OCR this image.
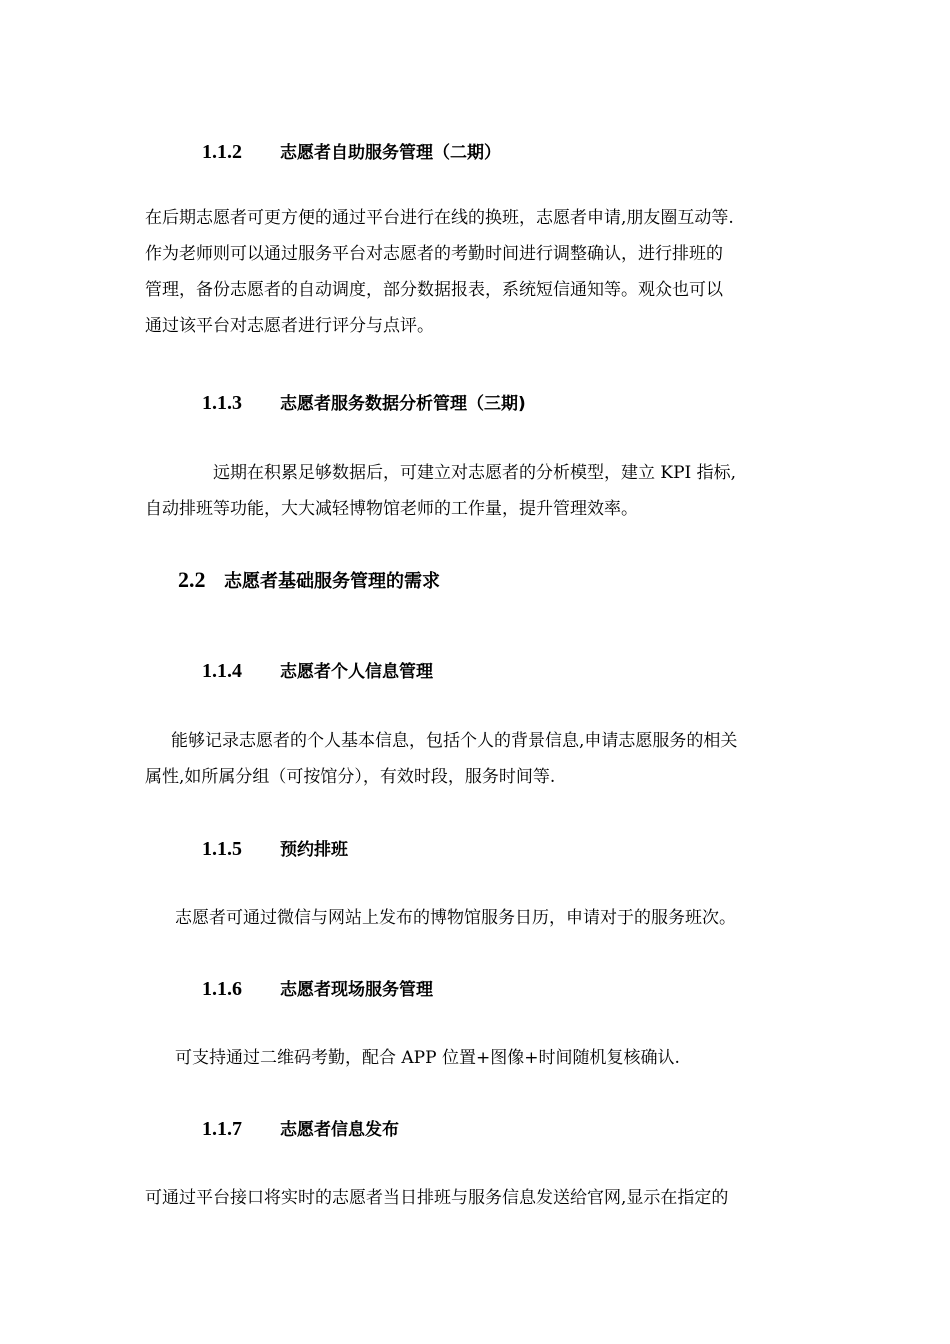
1.1.2 志愿者自助服务管理（二期）
在后期志愿者可更方便的通过平台进行在线的换班，志愿者申请,朋友圈互动等.
作为老师则可以通过服务平台对志愿者的考勤时间进行调整确认，进行排班的
管理，备份志愿者的自动调度，部分数据报表，系统短信通知等。观众也可以
通过该平台对志愿者进行评分与点评。
1.1.3 志愿者服务数据分析管理（三期)
远期在积累足够数据后，可建立对志愿者的分析模型，建立 KPI 指标,
自动排班等功能，大大减轻博物馆老师的工作量，提升管理效率。
2.2 志愿者基础服务管理的需求
1.1.4 志愿者个人信息管理
能够记录志愿者的个人基本信息，包括个人的背景信息,申请志愿服务的相关
属性,如所属分组（可按馆分），有效时段，服务时间等.
1.1.5 预约排班
志愿者可通过微信与网站上发布的博物馆服务日历，申请对于的服务班次。
1.1.6 志愿者现场服务管理
可支持通过二维码考勤，配合 APP 位置+图像+时间随机复核确认.
1.1.7 志愿者信息发布
可通过平台接口将实时的志愿者当日排班与服务信息发送给官网,显示在指定的
